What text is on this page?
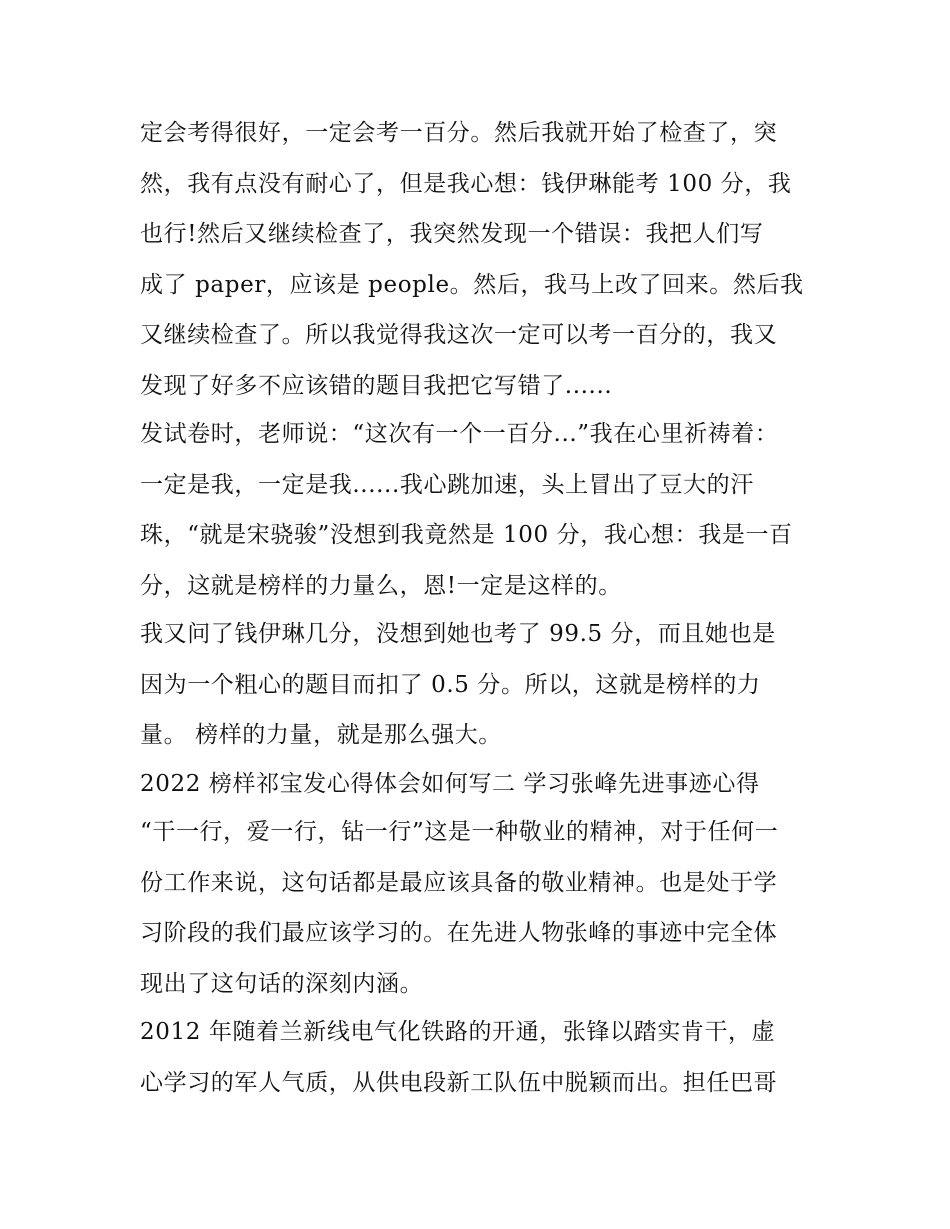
定会考得很好，一定会考一百分。然后我就开始了检查了，突
然，我有点没有耐心了，但是我心想：钱伊琳能考 100 分，我
也行!然后又继续检查了，我突然发现一个错误：我把人们写
成了 paper，应该是 people。然后，我马上改了回来。然后我
又继续检查了。所以我觉得我这次一定可以考一百分的，我又
发现了好多不应该错的题目我把它写错了......
发试卷时，老师说：“这次有一个一百分...”我在心里祈祷着：
一定是我，一定是我......我心跳加速，头上冒出了豆大的汗
珠，“就是宋骁骏”没想到我竟然是 100 分，我心想：我是一百
分，这就是榜样的力量么，恩!一定是这样的。
我又问了钱伊琳几分，没想到她也考了 99.5 分，而且她也是
因为一个粗心的题目而扣了 0.5 分。所以，这就是榜样的力
量。 榜样的力量，就是那么强大。
2022 榜样祁宝发心得体会如何写二 学习张峰先进事迹心得
“干一行，爱一行，钻一行”这是一种敬业的精神，对于任何一
份工作来说，这句话都是最应该具备的敬业精神。也是处于学
习阶段的我们最应该学习的。在先进人物张峰的事迹中完全体
现出了这句话的深刻内涵。
2012 年随着兰新线电气化铁路的开通，张锋以踏实肯干，虚
心学习的军人气质，从供电段新工队伍中脱颖而出。担任巴哥
